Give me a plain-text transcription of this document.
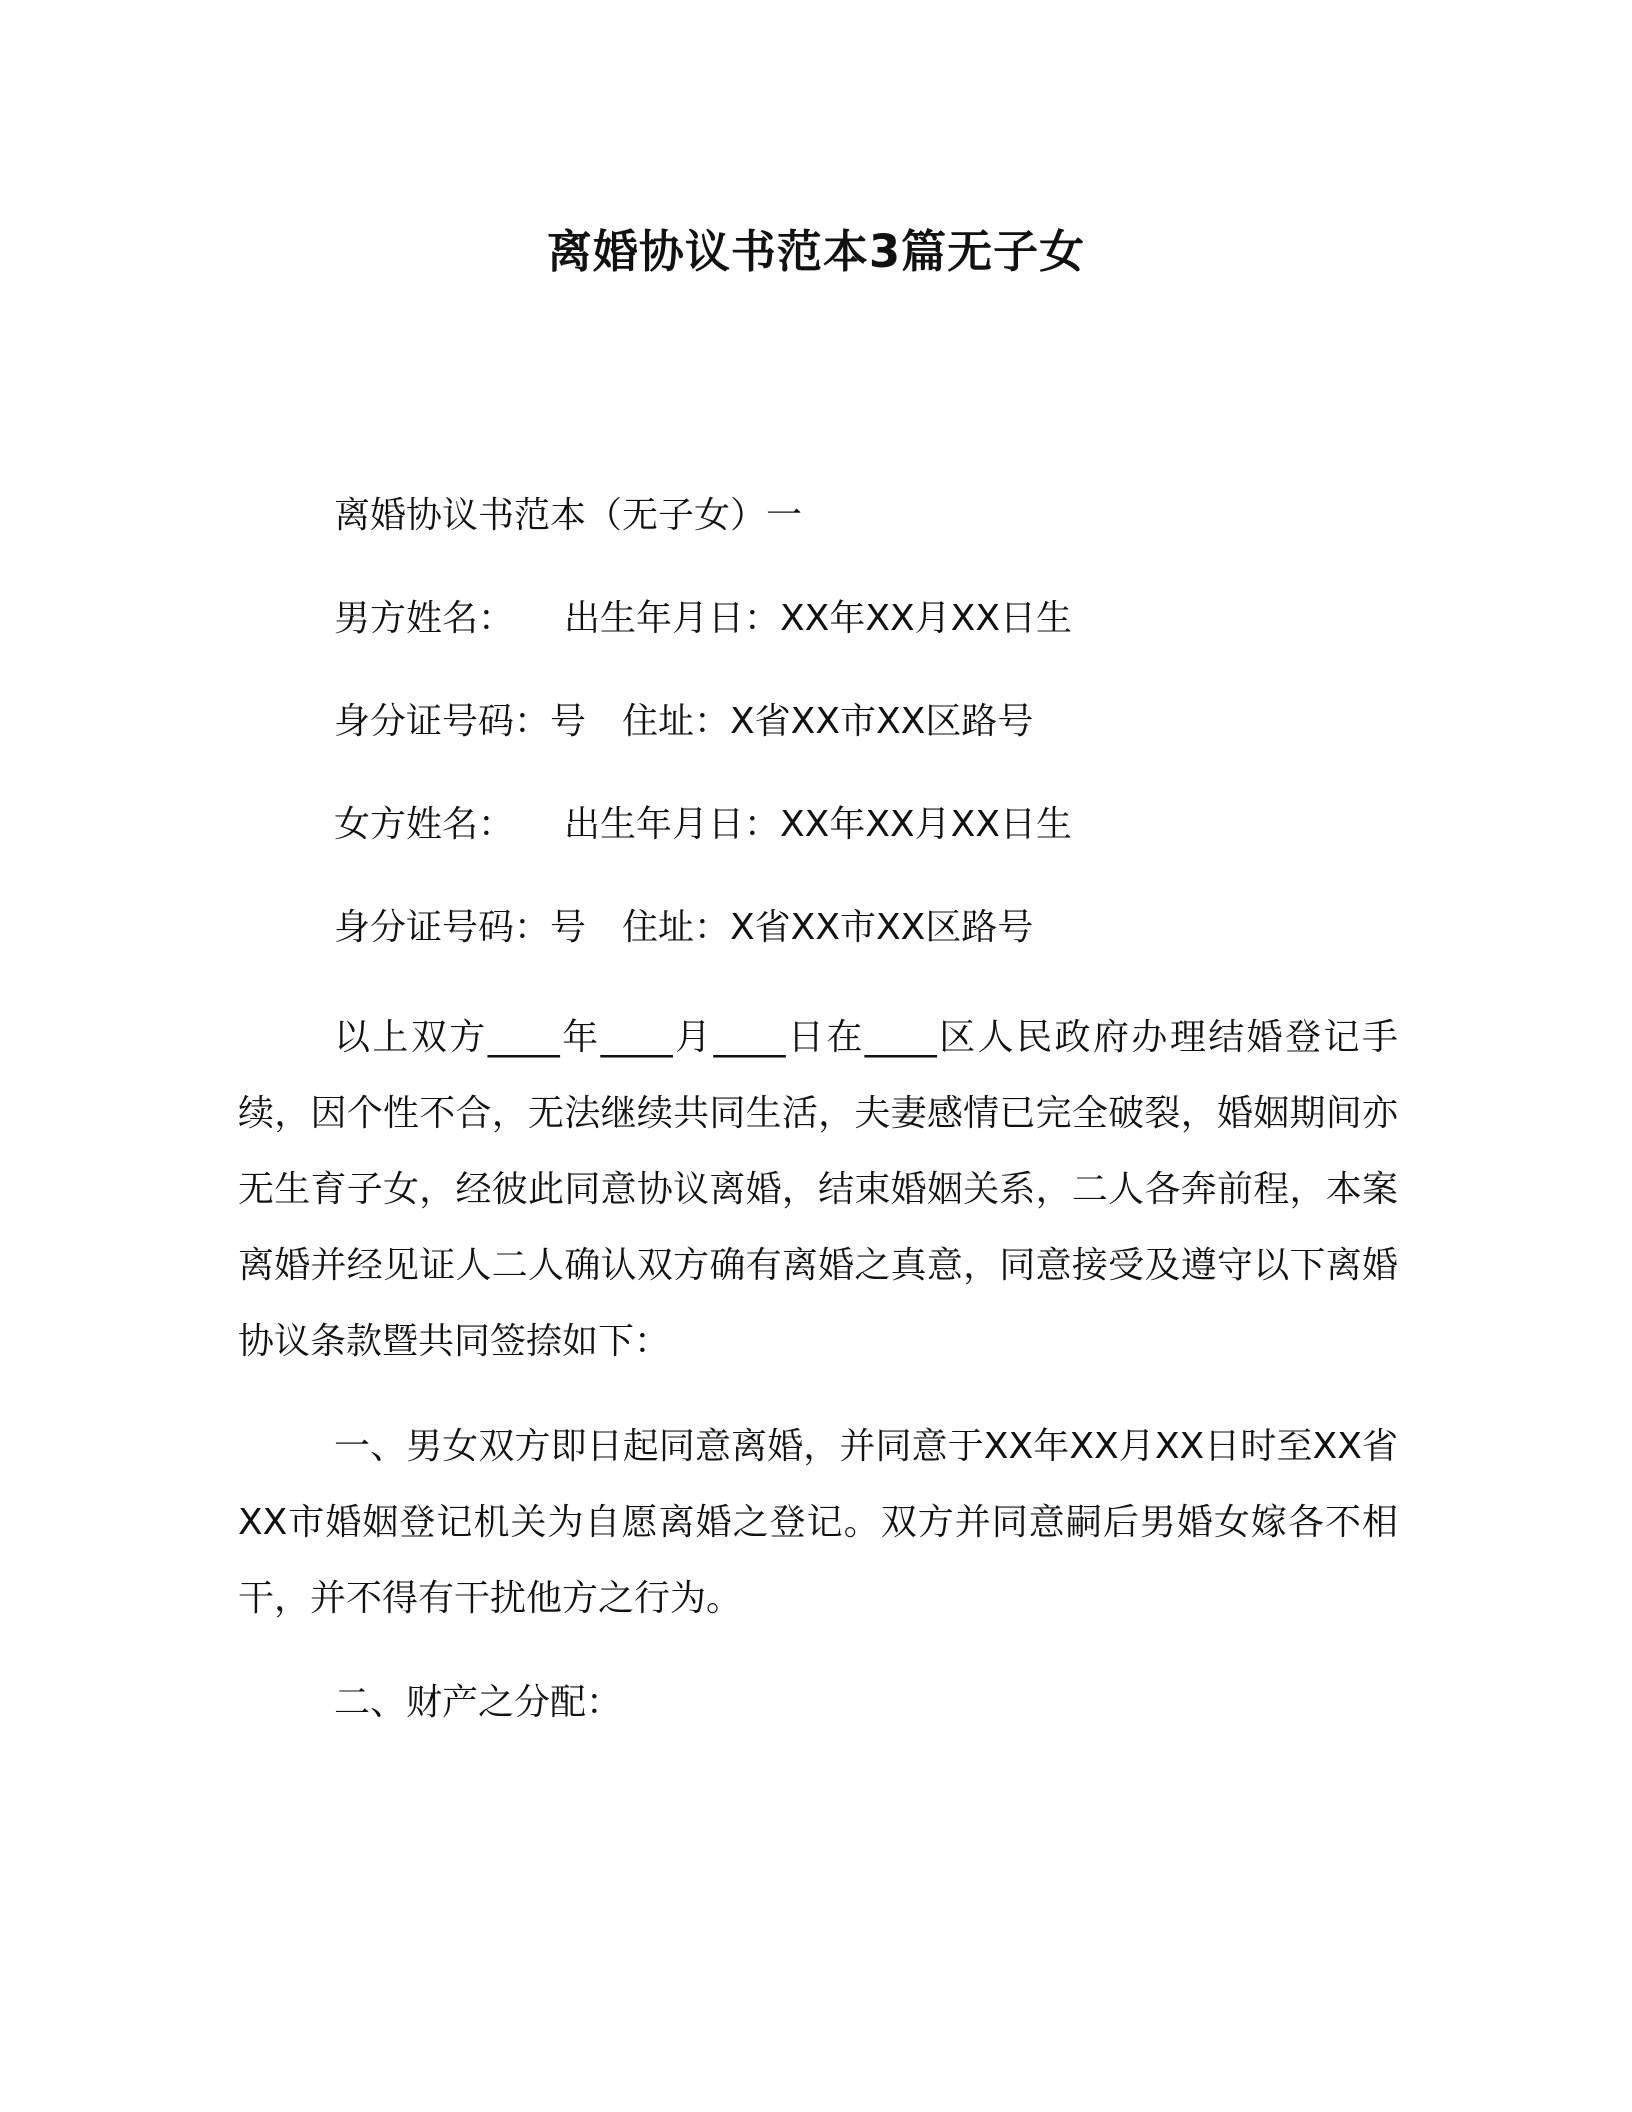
离婚协议书范本3篇无子女
离婚协议书范本（无子女）一
男方姓名： 出生年月日：XX年XX月XX日生
身分证号码：号 住址：X省XX市XX区路号
女方姓名： 出生年月日：XX年XX月XX日生
身分证号码：号 住址：X省XX市XX区路号
以上双方____年____月____日在____区人民政府办理结婚登记手续，因个性不合，无法继续共同生活，夫妻感情已完全破裂，婚姻期间亦无生育子女，经彼此同意协议离婚，结束婚姻关系，二人各奔前程，本案离婚并经见证人二人确认双方确有离婚之真意，同意接受及遵守以下离婚协议条款暨共同签捺如下：
一、男女双方即日起同意离婚，并同意于XX年XX月XX日时至XX省XX市婚姻登记机关为自愿离婚之登记。双方并同意嗣后男婚女嫁各不相干，并不得有干扰他方之行为。
二、财产之分配：
